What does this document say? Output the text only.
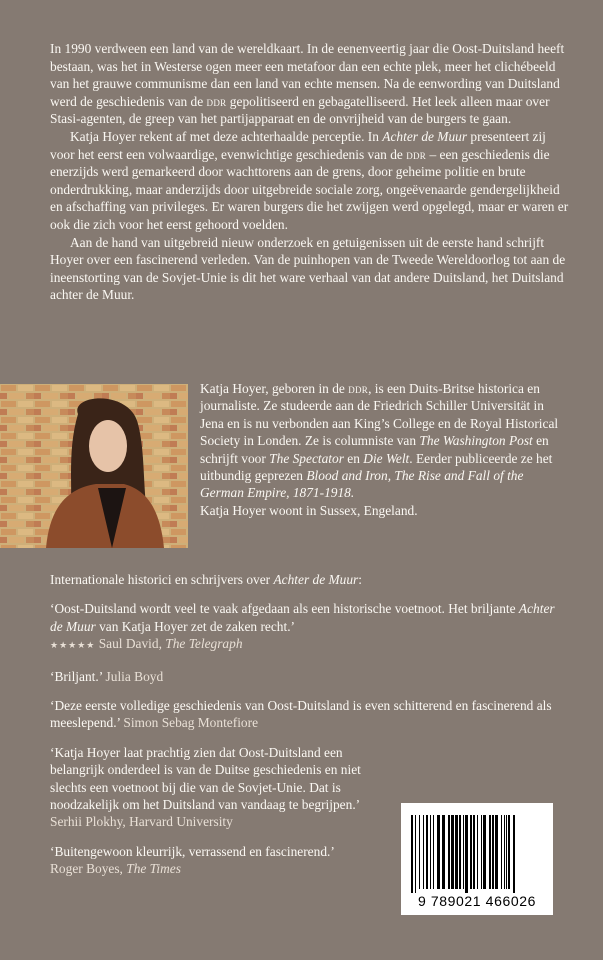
In 1990 verdween een land van de wereldkaart. In de eenenveertig jaar die Oost-Duitsland heeft bestaan, was het in Westerse ogen meer een metafoor dan een echte plek, meer het clichébeeld van het grauwe communisme dan een land van echte mensen. Na de eenwording van Duitsland werd de geschiedenis van de ddr gepolitiseerd en gebagatelliseerd. Het leek alleen maar over Stasi-agenten, de greep van het partijapparaat en de onvrijheid van de burgers te gaan.

Katja Hoyer rekent af met deze achterhaalde perceptie. In Achter de Muur presenteert zij voor het eerst een volwaardige, evenwichtige geschiedenis van de ddr – een geschiedenis die enerzijds werd gemarkeerd door wachttorens aan de grens, door geheime politie en brute onderdrukking, maar anderzijds door uitgebreide sociale zorg, ongeëvenaarde gendergelijkheid en afschaffing van privileges. Er waren burgers die het zwijgen werd opgelegd, maar er waren er ook die zich voor het eerst gehoord voelden.

Aan de hand van uitgebreid nieuw onderzoek en getuigenissen uit de eerste hand schrijft Hoyer over een fascinerend verleden. Van de puinhopen van de Tweede Wereldoorlog tot aan de ineenstorting van de Sovjet-Unie is dit het ware verhaal van dat andere Duitsland, het Duitsland achter de Muur.

Katja Hoyer, geboren in de ddr, is een Duits-Britse historica en journaliste. Ze studeerde aan de Friedrich Schiller Universität in Jena en is nu verbonden aan King’s College en de Royal Historical Society in Londen. Ze is columniste van The Washington Post en schrijft voor The Spectator en Die Welt. Eerder publiceerde ze het uitbundig geprezen Blood and Iron, The Rise and Fall of the German Empire, 1871-1918.

Katja Hoyer woont in Sussex, Engeland.

Internationale historici en schrijvers over Achter de Muur:

‘Oost-Duitsland wordt veel te vaak afgedaan als een historische voetnoot. Het briljante Achter de Muur van Katja Hoyer zet de zaken recht.’
★★★★★ Saul David, The Telegraph

‘Briljant.’ Julia Boyd

‘Deze eerste volledige geschiedenis van Oost-Duitsland is even schitterend en fascinerend als meeslepend.’ Simon Sebag Montefiore

‘Katja Hoyer laat prachtig zien dat Oost-Duitsland een belangrijk onderdeel is van de Duitse geschiedenis en niet slechts een voetnoot bij die van de Sovjet-Unie. Dat is noodzakelijk om het Duitsland van vandaag te begrijpen.’
Serhii Plokhy, Harvard University

‘Buitengewoon kleurrijk, verrassend en fascinerend.’
Roger Boyes, The Times

9 789021 466026
